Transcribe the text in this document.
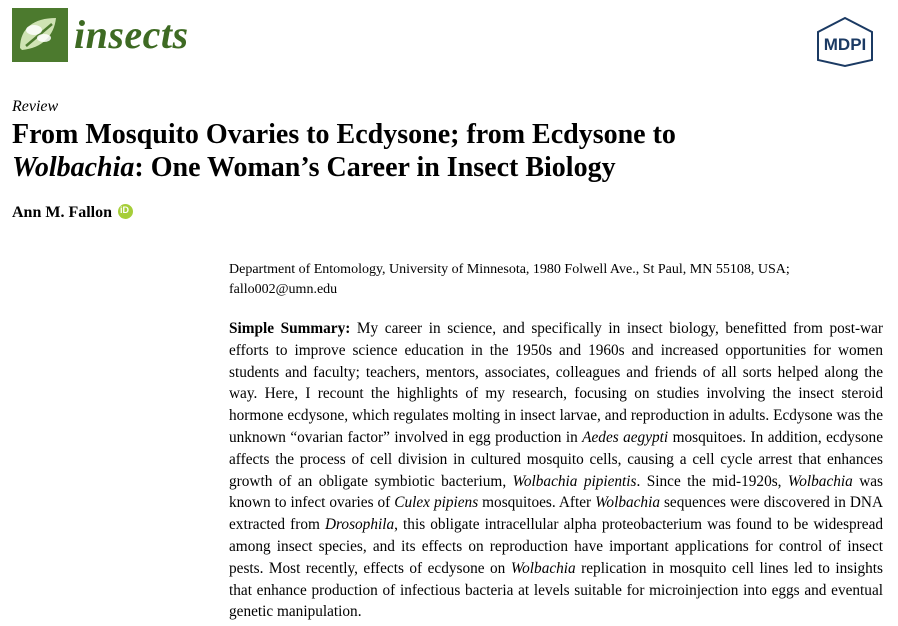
insects	MDPI
Review
From Mosquito Ovaries to Ecdysone; from Ecdysone to
Wolbachia: One Woman’s Career in Insect Biology
Ann M. Fallon
iD
Department of Entomology, University of Minnesota, 1980 Folwell Ave., St Paul, MN 55108, USA;
fallo002@umn.edu
Simple Summary: My career in science, and specifically in insect biology, benefitted from post-war efforts to improve science education in the 1950s and 1960s and increased opportunities for women students and faculty; teachers, mentors, associates, colleagues and friends of all sorts helped along the way. Here, I recount the highlights of my research, focusing on studies involving the insect steroid hormone ecdysone, which regulates molting in insect larvae, and reproduction in adults. Ecdysone was the unknown “ovarian factor” involved in egg production in Aedes aegypti mosquitoes. In addition, ecdysone affects the process of cell division in cultured mosquito cells, causing a cell cycle arrest that enhances growth of an obligate symbiotic bacterium, Wolbachia pipientis. Since the mid-1920s, Wolbachia was known to infect ovaries of Culex pipiens mosquitoes. After Wolbachia sequences were discovered in DNA extracted from Drosophila, this obligate intracellular alpha proteobacterium was found to be widespread among insect species, and its effects on reproduction have important applications for control of insect pests. Most recently, effects of ecdysone on Wolbachia replication in mosquito cell lines led to insights that enhance production of infectious bacteria at levels suitable for microinjection into eggs and eventual genetic manipulation.
